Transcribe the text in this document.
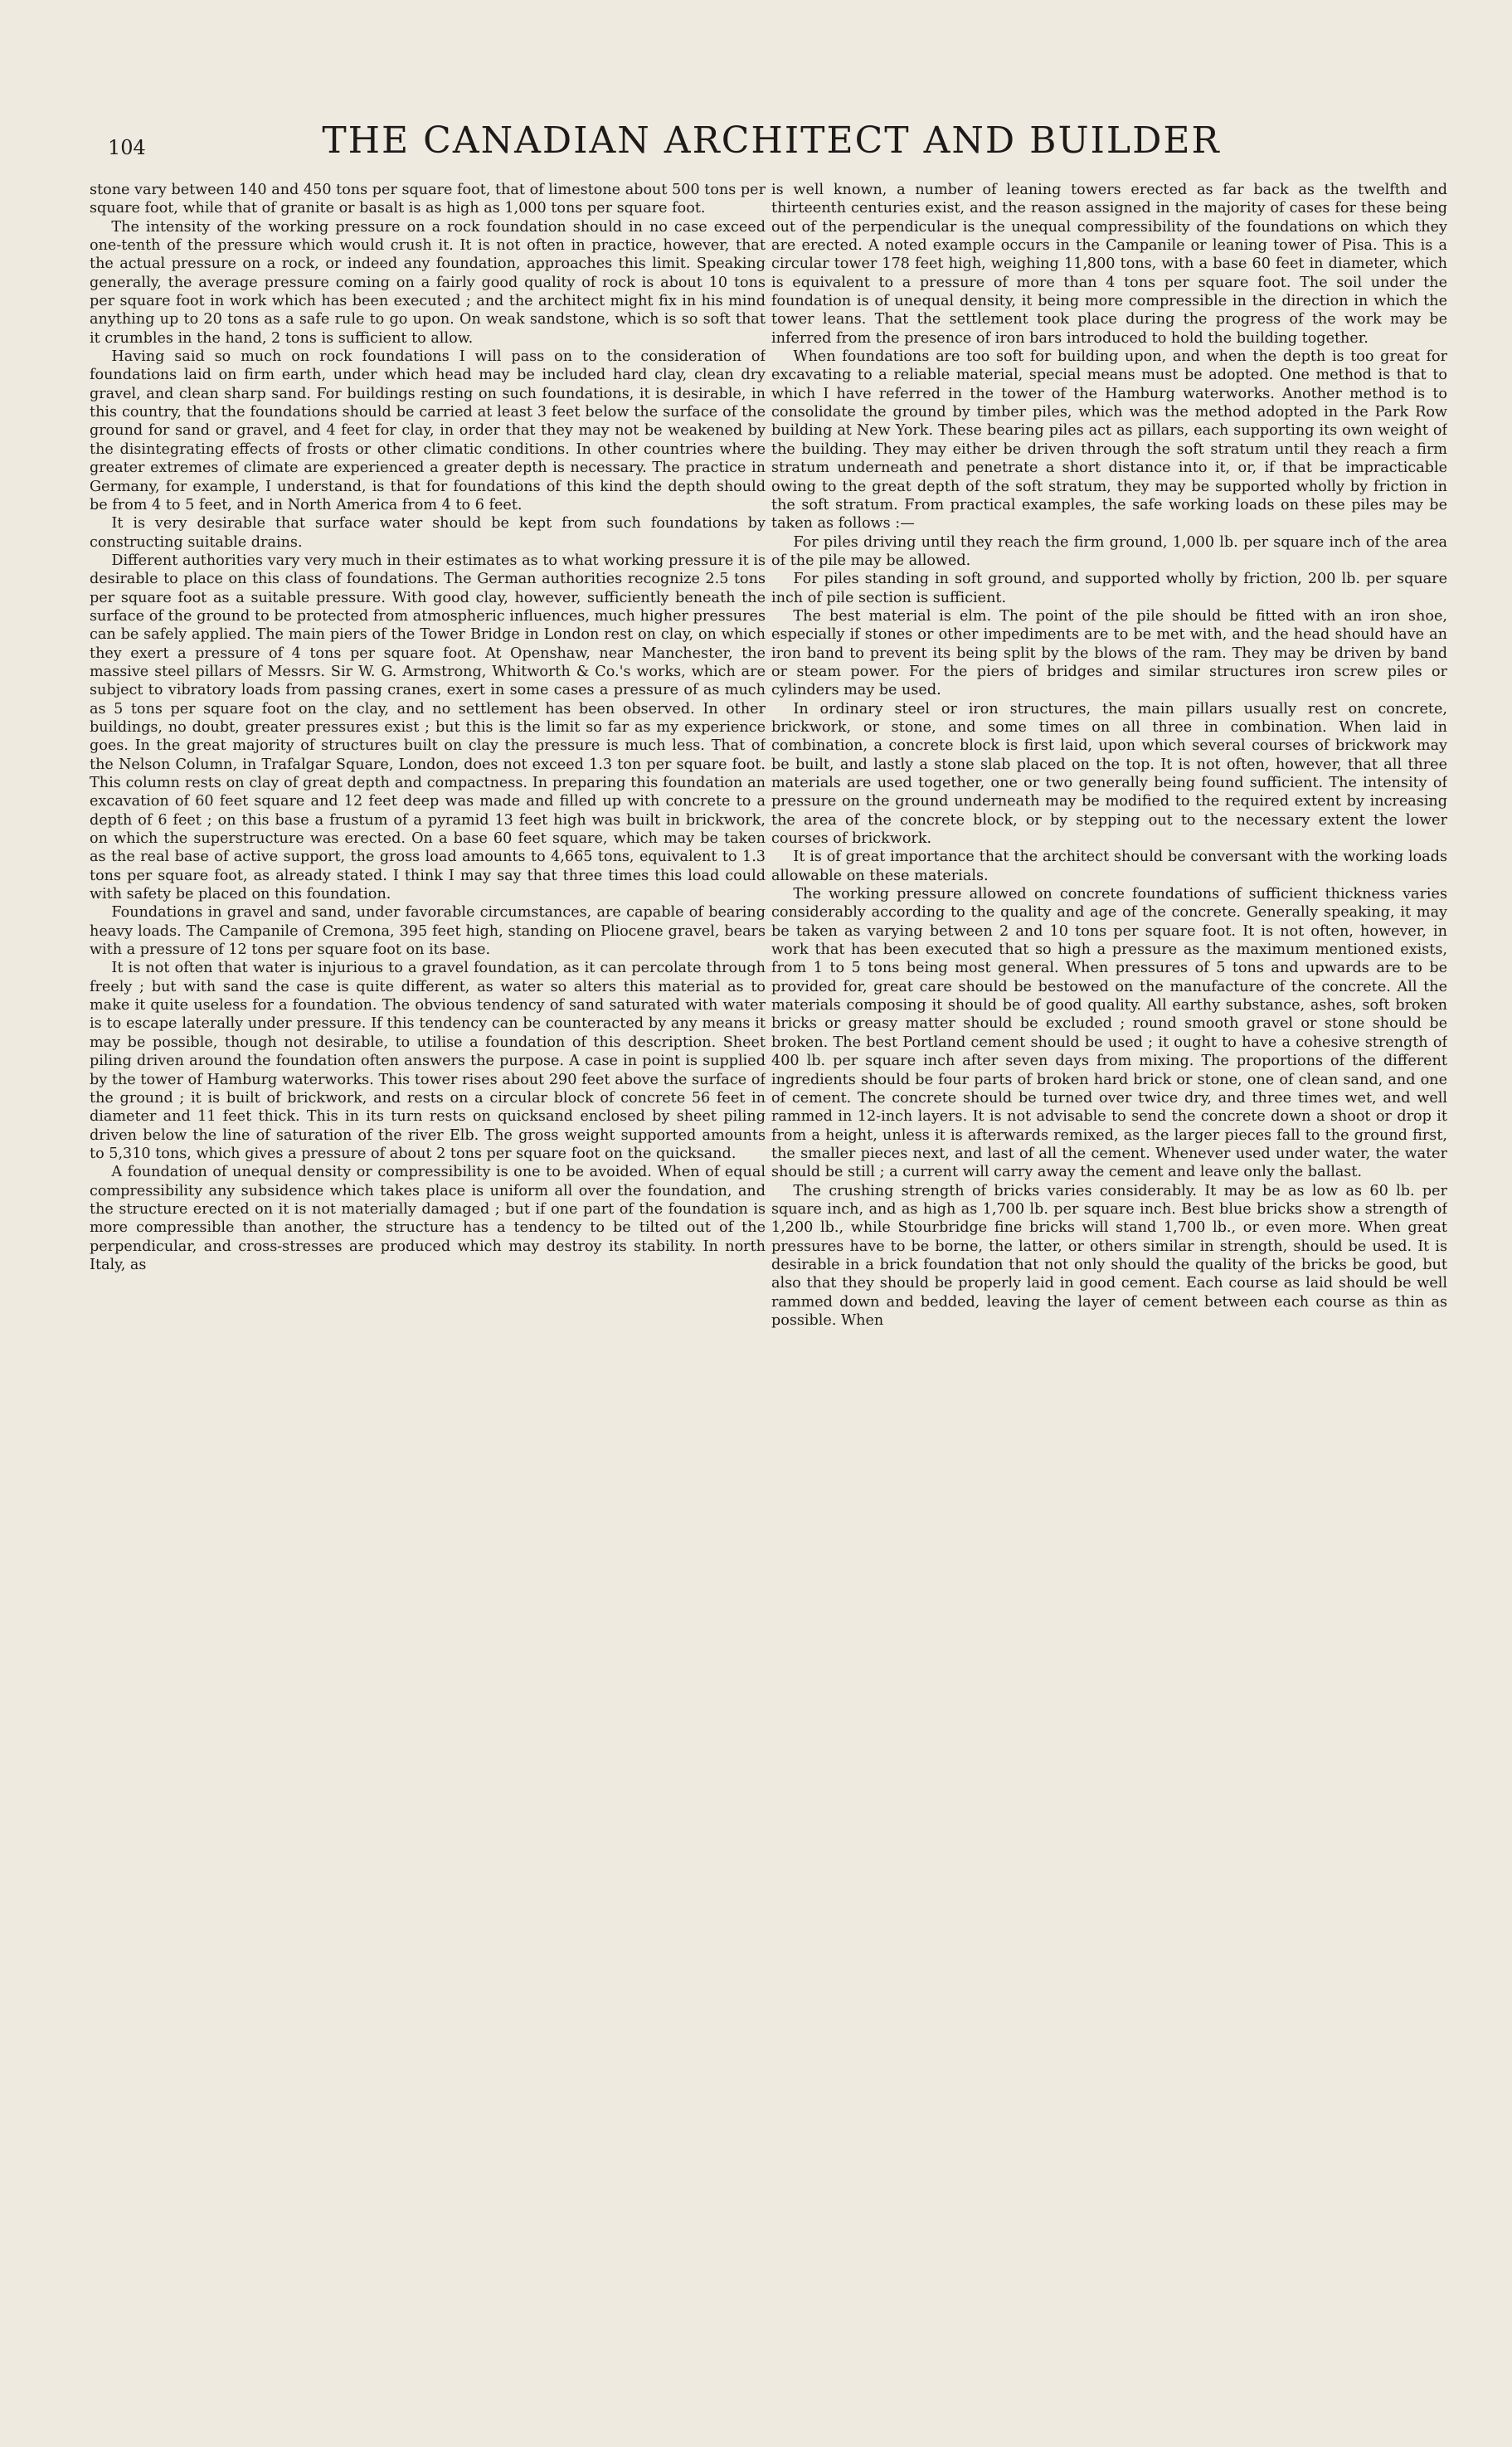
104	THE CANADIAN ARCHITECT AND BUILDER

stone vary between 140 and 450 tons per square foot, that of limestone about 500 tons per square foot, while that of granite or basalt is as high as 1,000 tons per square foot.

The intensity of the working pressure on a rock foundation should in no case exceed one-tenth of the pressure which would crush it. It is not often in practice, however, that the actual pressure on a rock, or indeed any foundation, approaches this limit. Speaking generally, the average pressure coming on a fairly good quality of rock is about 10 tons per square foot in work which has been executed ; and the architect might fix in his mind anything up to 20 tons as a safe rule to go upon. On weak sandstone, which is so soft that it crumbles in the hand, 2 tons is sufficient to allow.

Having said so much on rock foundations I will pass on to the consideration of foundations laid on firm earth, under which head may be included hard clay, clean dry gravel, and clean sharp sand. For buildings resting on such foundations, it is desirable, in this country, that the foundations should be carried at least 3 feet below the surface of the ground for sand or gravel, and 4 feet for clay, in order that they may not be weakened by the disintegrating effects of frosts or other climatic conditions. In other countries where greater extremes of climate are experienced a greater depth is necessary. The practice in Germany, for example, I understand, is that for foundations of this kind the depth should be from 4 to 5 feet, and in North America from 4 to 6 feet.

It is very desirable that surface water should be kept from such foundations by constructing suitable drains.

Different authorities vary very much in their estimates as to what working pressure it is desirable to place on this class of foundations. The German authorities recognize 2.5 tons per square foot as a suitable pressure. With good clay, however, sufficiently beneath the surface of the ground to be protected from atmospheric influences, much higher pressures can be safely applied. The main piers of the Tower Bridge in London rest on clay, on which they exert a pressure of 4 tons per square foot. At Openshaw, near Manchester, the massive steel pillars of Messrs. Sir W. G. Armstrong, Whitworth & Co.'s works, which are subject to vibratory loads from passing cranes, exert in some cases a pressure of as much as 5 tons per square foot on the clay, and no settlement has been observed. In other buildings, no doubt, greater pressures exist ; but this is the limit so far as my experience goes. In the great majority of structures built on clay the pressure is much less. That of the Nelson Column, in Trafalgar Square, London, does not exceed 1.3 ton per square foot. This column rests on clay of great depth and compactness. In preparing this foundation an excavation of 60 feet square and 12 feet deep was made and filled up with concrete to a depth of 6 feet ; on this base a frustum of a pyramid 13 feet high was built in brickwork, on which the superstructure was erected. On a base 60 feet square, which may be taken as the real base of active support, the gross load amounts to 4,665 tons, equivalent to 1.3 tons per square foot, as already stated. I think I may say that three times this load could with safety be placed on this foundation.

Foundations in gravel and sand, under favorable circumstances, are capable of bearing heavy loads. The Campanile of Cremona, 395 feet high, standing on Pliocene gravel, bears with a pressure of 12 tons per square foot on its base.

It is not often that water is injurious to a gravel foundation, as it can percolate through freely ; but with sand the case is quite different, as water so alters this material as to make it quite useless for a foundation. The obvious tendency of sand saturated with water is to escape laterally under pressure. If this tendency can be counteracted by any means it may be possible, though not desirable, to utilise a foundation of this description. Sheet piling driven around the foundation often answers the purpose. A case in point is supplied by the tower of Hamburg waterworks. This tower rises about 290 feet above the surface of the ground ; it is built of brickwork, and rests on a circular block of concrete 56 feet in diameter and 11 feet thick. This in its turn rests on quicksand enclosed by sheet piling driven below the line of saturation of the river Elb. The gross weight supported amounts to 5,310 tons, which gives a pressure of about 2 tons per square foot on the quicksand.

A foundation of unequal density or compressibility is one to be avoided. When of equal compressibility any subsidence which takes place is uniform all over the foundation, and the structure erected on it is not materially damaged ; but if one part of the foundation is more compressible than another, the structure has a tendency to be tilted out of the perpendicular, and cross-stresses are produced which may destroy its stability. In north Italy, as

is well known, a number of leaning towers erected as far back as the twelfth and thirteenth centuries exist, and the reason assigned in the majority of cases for these being out of the perpendicular is the unequal compressibility of the foundations on which they are erected. A noted example occurs in the Campanile or leaning tower of Pisa. This is a circular tower 178 feet high, weighing 11,800 tons, with a base 60 feet in diameter, which is equivalent to a pressure of more than 4 tons per square foot. The soil under the foundation is of unequal density, it being more compressible in the direction in which the tower leans. That the settlement took place during the progress of the work may be inferred from the presence of iron bars introduced to hold the building together.

When foundations are too soft for building upon, and when the depth is too great for excavating to a reliable material, special means must be adopted. One method is that to which I have referred in the tower of the Hamburg waterworks. Another method is to consolidate the ground by timber piles, which was the method adopted in the Park Row building at New York. These bearing piles act as pillars, each supporting its own weight of the building. They may either be driven through the soft stratum until they reach a firm stratum underneath and penetrate a short distance into it, or, if that be impracticable owing to the great depth of the soft stratum, they may be supported wholly by friction in the soft stratum. From practical examples, the safe working loads on these piles may be taken as follows :—

For piles driving until they reach the firm ground, 1,000 lb. per square inch of the area of the pile may be allowed.

For piles standing in soft ground, and supported wholly by friction, 200 lb. per square inch of pile section is sufficient.

The best material is elm. The point of the pile should be fitted with an iron shoe, especially if stones or other impediments are to be met with, and the head should have an iron band to prevent its being split by the blows of the ram. They may be driven by band or steam power. For the piers of bridges and similar structures iron screw piles or cylinders may be used.

In ordinary steel or iron structures, the main pillars usually rest on concrete, brickwork, or stone, and some times on all three in combination. When laid in combination, a concrete block is first laid, upon which several courses of brickwork may be built, and lastly a stone slab placed on the top. It is not often, however, that all three materials are used together, one or two generally being found sufficient. The intensity of pressure on the ground underneath may be modified to the required extent by increasing the area of the concrete block, or by stepping out to the necessary extent the lower courses of brickwork.

It is of great importance that the architect should be conversant with the working loads allowable on these materials.

The working pressure allowed on concrete foundations of sufficient thickness varies considerably according to the quality and age of the concrete. Generally speaking, it may be taken as varying between 2 and 10 tons per square foot. It is not often, however, in work that has been executed that so high a pressure as the maximum mentioned exists, from 1 to 5 tons being most general. When pressures of 5 tons and upwards are to be provided for, great care should be bestowed on the manufacture of the concrete. All the materials composing it should be of good quality. All earthy substance, ashes, soft broken bricks or greasy matter should be excluded ; round smooth gravel or stone should be broken. The best Portland cement should be used ; it ought to have a cohesive strength of 400 lb. per square inch after seven days from mixing. The proportions of the different ingredients should be four parts of broken hard brick or stone, one of clean sand, and one of cement. The concrete should be turned over twice dry, and three times wet, and well rammed in 12-inch layers. It is not advisable to send the concrete down a shoot or drop it from a height, unless it is afterwards remixed, as the larger pieces fall to the ground first, the smaller pieces next, and last of all the cement. Whenever used under water, the water should be still ; a current will carry away the cement and leave only the ballast.

The crushing strength of bricks varies considerably. It may be as low as 60 lb. per square inch, and as high as 1,700 lb. per square inch. Best blue bricks show a strength of 1,200 lb., while Stourbridge fine bricks will stand 1,700 lb., or even more. When great pressures have to be borne, the latter, or others similar in strength, should be used. It is desirable in a brick foundation that not only should the quality of the bricks be good, but also that they should be properly laid in good cement. Each course as laid should be well rammed down and bedded, leaving the layer of cement between each course as thin as possible. When
